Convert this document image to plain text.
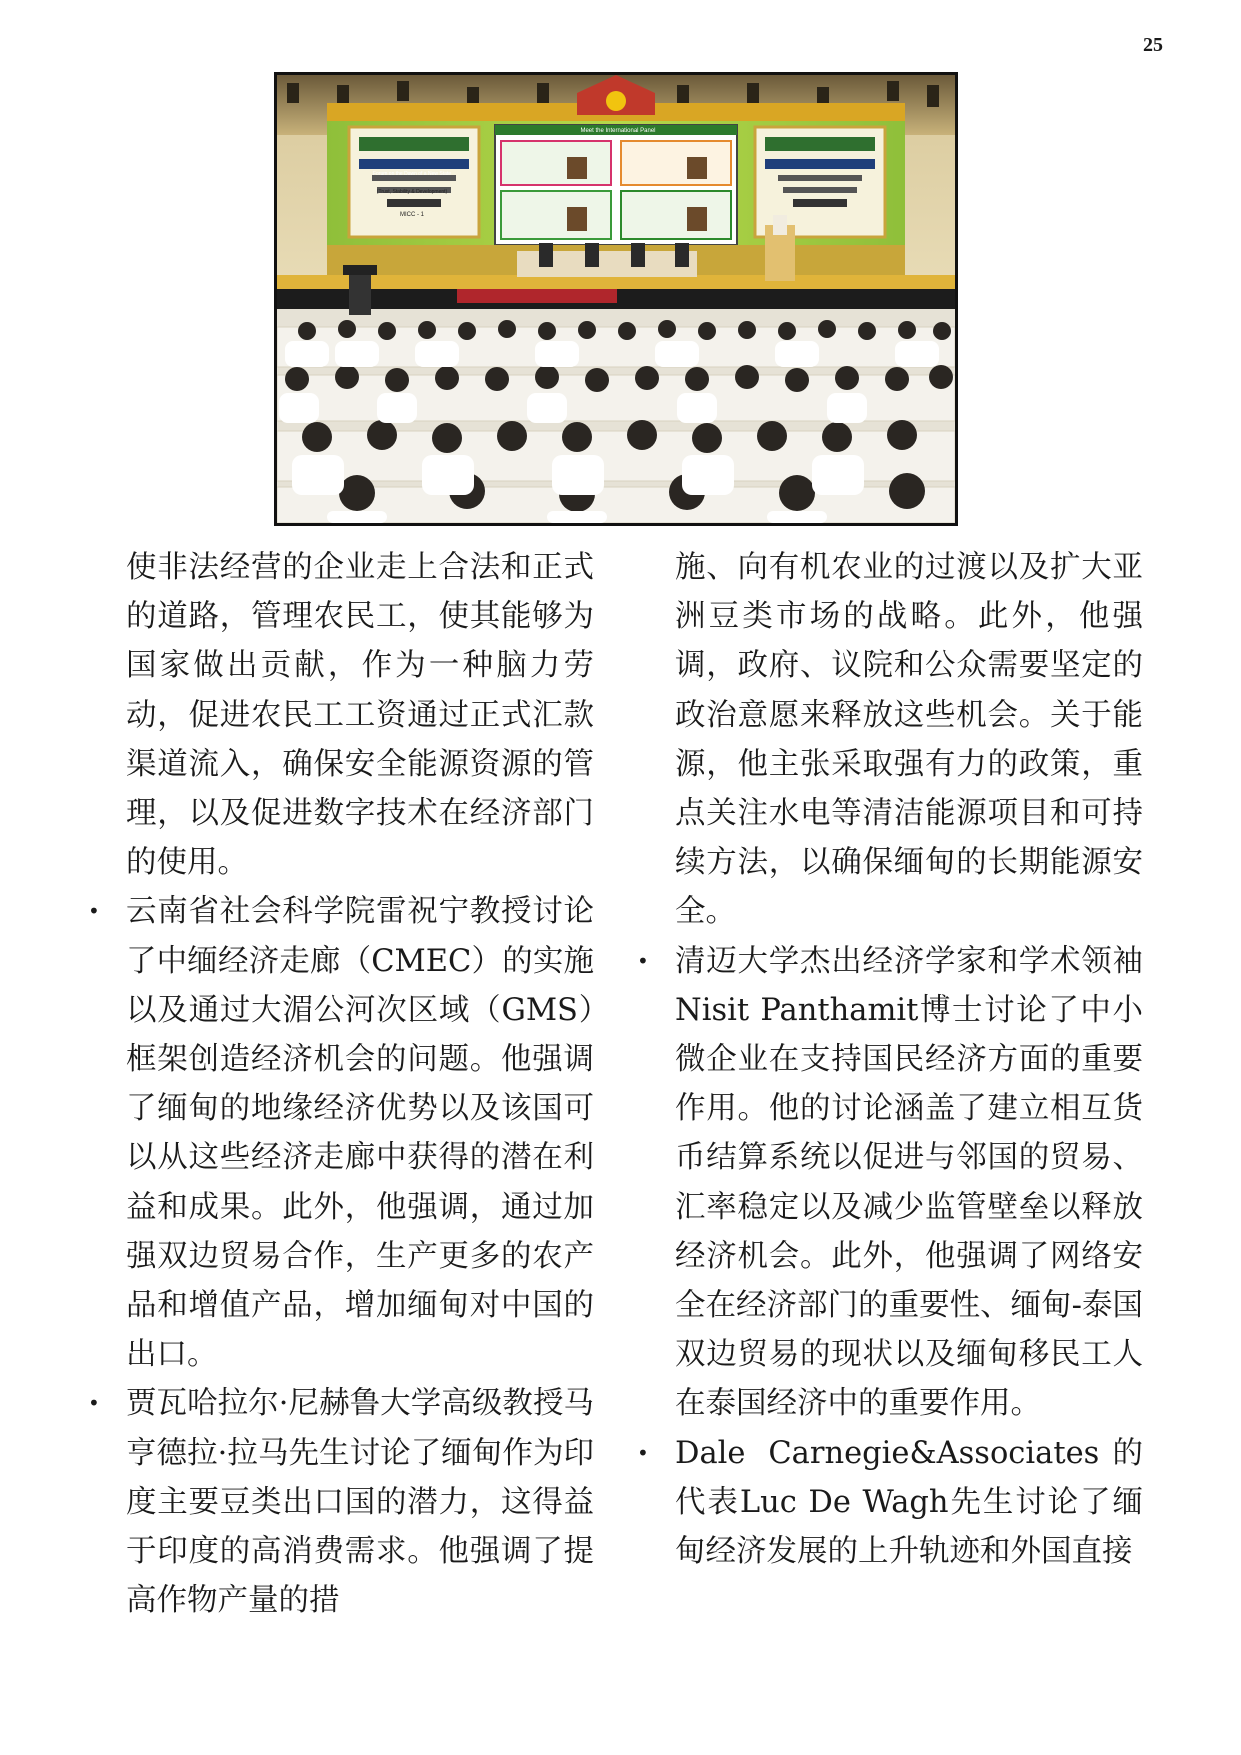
25
Forum on the Dawn of a New State
(Trust, Stability & Development)
MICC - 1
Meet the International Panel

使非法经营的企业走上合法和正式的道路，管理农民工，使其能够为国家做出贡献，作为一种脑力劳动，促进农民工工资通过正式汇款渠道流入，确保安全能源资源的管理，以及促进数字技术在经济部门的使用。

• 云南省社会科学院雷祝宁教授讨论了中缅经济走廊（CMEC）的实施以及通过大湄公河次区域（GMS）框架创造经济机会的问题。他强调了缅甸的地缘经济优势以及该国可以从这些经济走廊中获得的潜在利益和成果。此外，他强调，通过加强双边贸易合作，生产更多的农产品和增值产品，增加缅甸对中国的出口。
• 贾瓦哈拉尔·尼赫鲁大学高级教授马亨德拉·拉马先生讨论了缅甸作为印度主要豆类出口国的潜力，这得益于印度的高消费需求。他强调了提高作物产量的措

施、向有机农业的过渡以及扩大亚洲豆类市场的战略。此外，他强调，政府、议院和公众需要坚定的政治意愿来释放这些机会。关于能源，他主张采取强有力的政策，重点关注水电等清洁能源项目和可持续方法，以确保缅甸的长期能源安全。

• 清迈大学杰出经济学家和学术领袖Nisit Panthamit博士讨论了中小微企业在支持国民经济方面的重要作用。他的讨论涵盖了建立相互货币结算系统以促进与邻国的贸易、汇率稳定以及减少监管壁垒以释放经济机会。此外，他强调了网络安全在经济部门的重要性、缅甸-泰国双边贸易的现状以及缅甸移民工人在泰国经济中的重要作用。
• Dale Carnegie&Associates的代表Luc De Wagh先生讨论了缅甸经济发展的上升轨迹和外国直接
